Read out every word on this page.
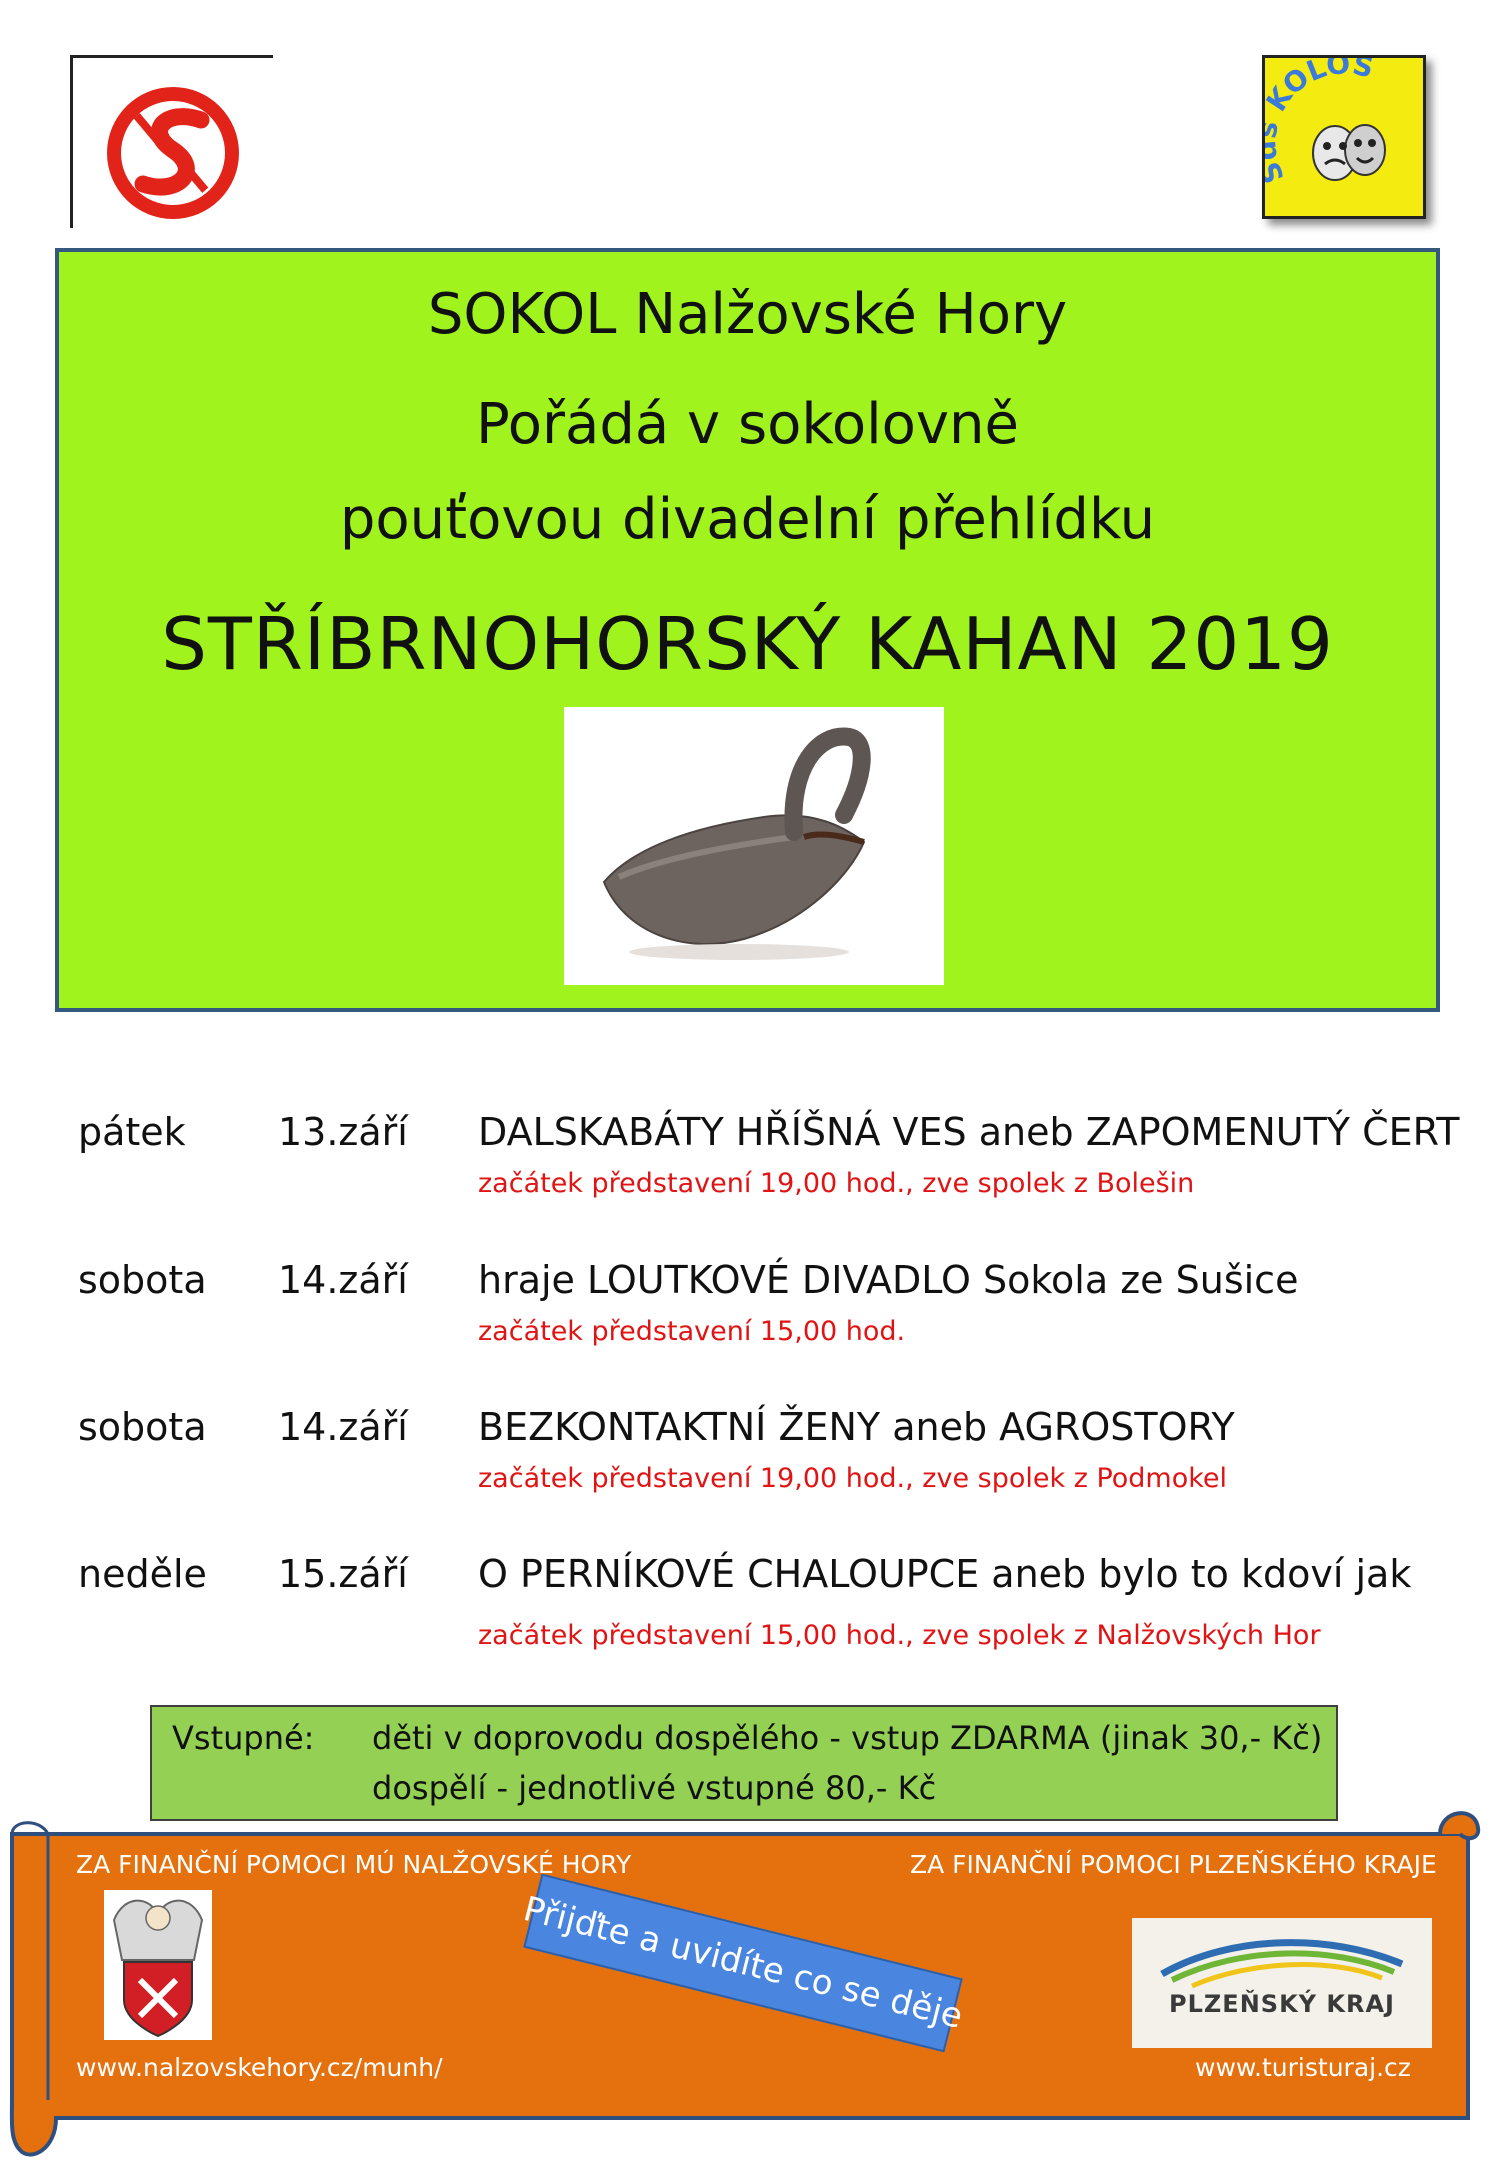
OLOS
SOKOL Nalžovské Hory
Pořádá v sokolovně
pouťovou divadelní přehlídku
STŘÍBRNOHORSKÝ KAHAN 2019
pátek 13.září DALSKABÁTY HŘÍŠNÁ VES aneb ZAPOMENUTÝ ČERT
začátek představení 19,00 hod., zve spolek z Bolešin
sobota 14.září hraje LOUTKOVÉ DIVADLO Sokola ze Sušice
začátek představení 15,00 hod.
sobota 14.září BEZKONTAKTNÍ ŽENY aneb AGROSTORY
začátek představení 19,00 hod., zve spolek z Podmokel
neděle 15.září O PERNÍKOVÉ CHALOUPCE aneb bylo to kdoví jak
začátek představení 15,00 hod., zve spolek z Nalžovských Hor
Vstupné: děti v doprovodu dospělého - vstup ZDARMA (jinak 30,- Kč)
dospělí - jednotlivé vstupné 80,- Kč
ZA FINANČNÍ POMOCI MÚ NALŽOVSKÉ HORY	ZA FINANČNÍ POMOCI PLZEŇSKÉHO KRAJE
Přijďte a uvidíte co se děje	PLZEŇSKÝ KRAJ
www.nalzovskehory.cz/munh/	www.turisturaj.cz
